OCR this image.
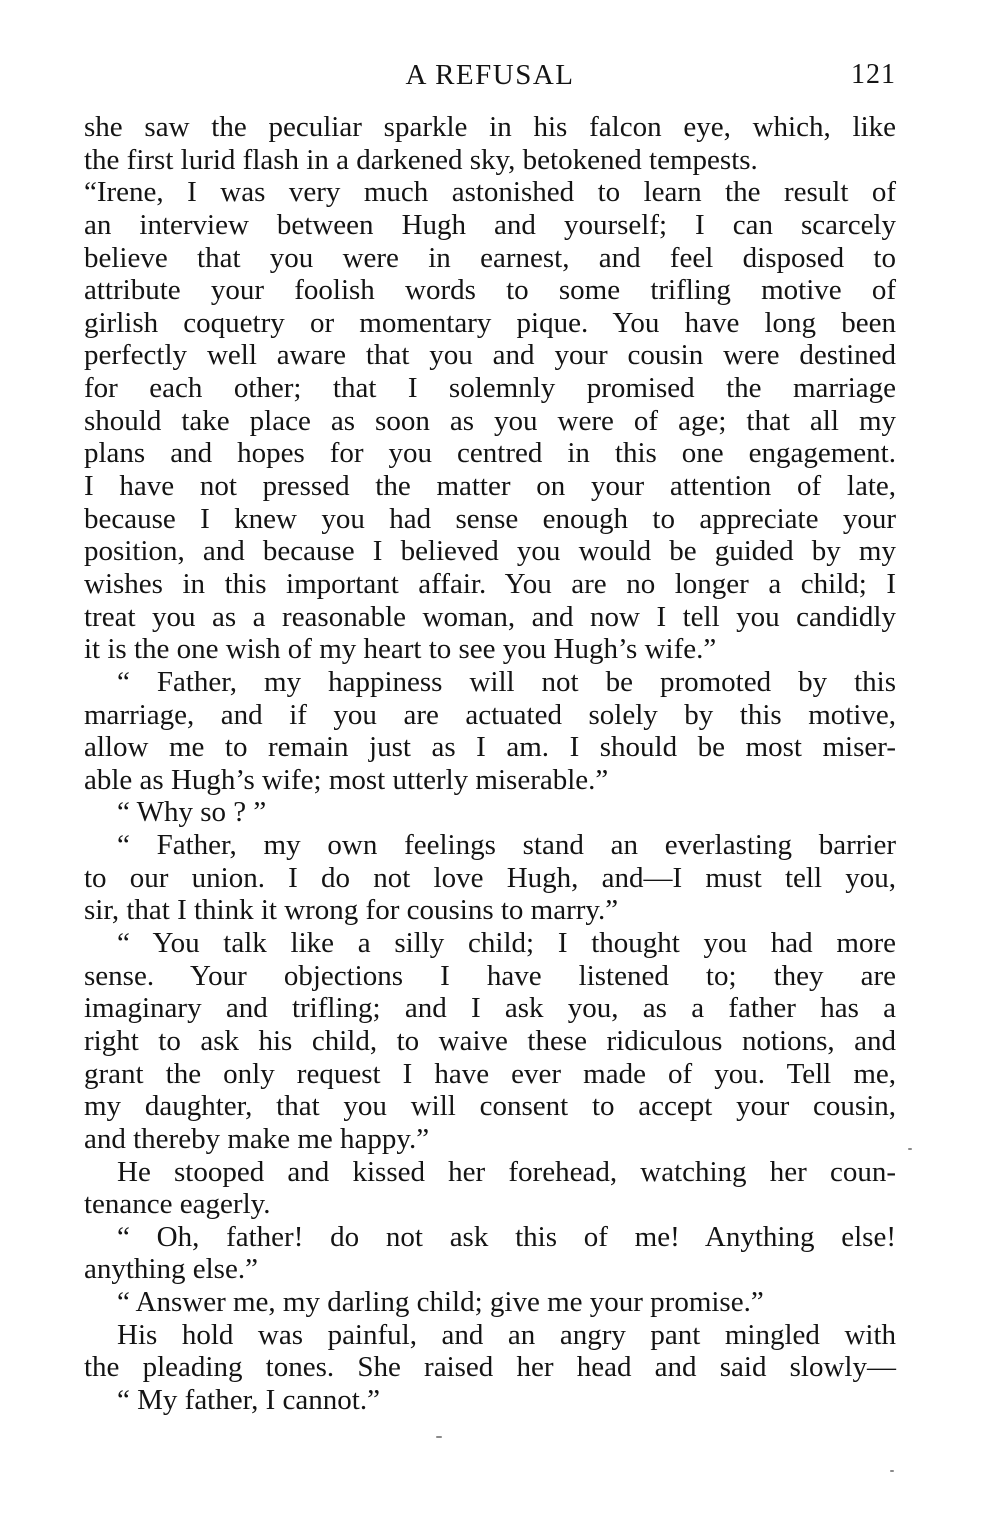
A REFUSAL	121
she saw the peculiar sparkle in his falcon eye, which, like
the first lurid flash in a darkened sky, betokened tempests.
“Irene, I was very much astonished to learn the result of
an interview between Hugh and yourself; I can scarcely
believe that you were in earnest, and feel disposed to
attribute your foolish words to some trifling motive of
girlish coquetry or momentary pique. You have long been
perfectly well aware that you and your cousin were destined
for each other; that I solemnly promised the marriage
should take place as soon as you were of age; that all my
plans and hopes for you centred in this one engagement.
I have not pressed the matter on your attention of late,
because I knew you had sense enough to appreciate your
position, and because I believed you would be guided by my
wishes in this important affair. You are no longer a child; I
treat you as a reasonable woman, and now I tell you candidly
it is the one wish of my heart to see you Hugh’s wife.”
“ Father, my happiness will not be promoted by this
marriage, and if you are actuated solely by this motive,
allow me to remain just as I am. I should be most miser-
able as Hugh’s wife; most utterly miserable.”
“ Why so ? ”
“ Father, my own feelings stand an everlasting barrier
to our union. I do not love Hugh, and—I must tell you,
sir, that I think it wrong for cousins to marry.”
“ You talk like a silly child; I thought you had more
sense. Your objections I have listened to; they are
imaginary and trifling; and I ask you, as a father has a
right to ask his child, to waive these ridiculous notions, and
grant the only request I have ever made of you. Tell me,
my daughter, that you will consent to accept your cousin,
and thereby make me happy.”
He stooped and kissed her forehead, watching her coun-
tenance eagerly.
“ Oh, father! do not ask this of me! Anything else!
anything else.”
“ Answer me, my darling child; give me your promise.”
His hold was painful, and an angry pant mingled with
the pleading tones. She raised her head and said slowly—
“ My father, I cannot.”
